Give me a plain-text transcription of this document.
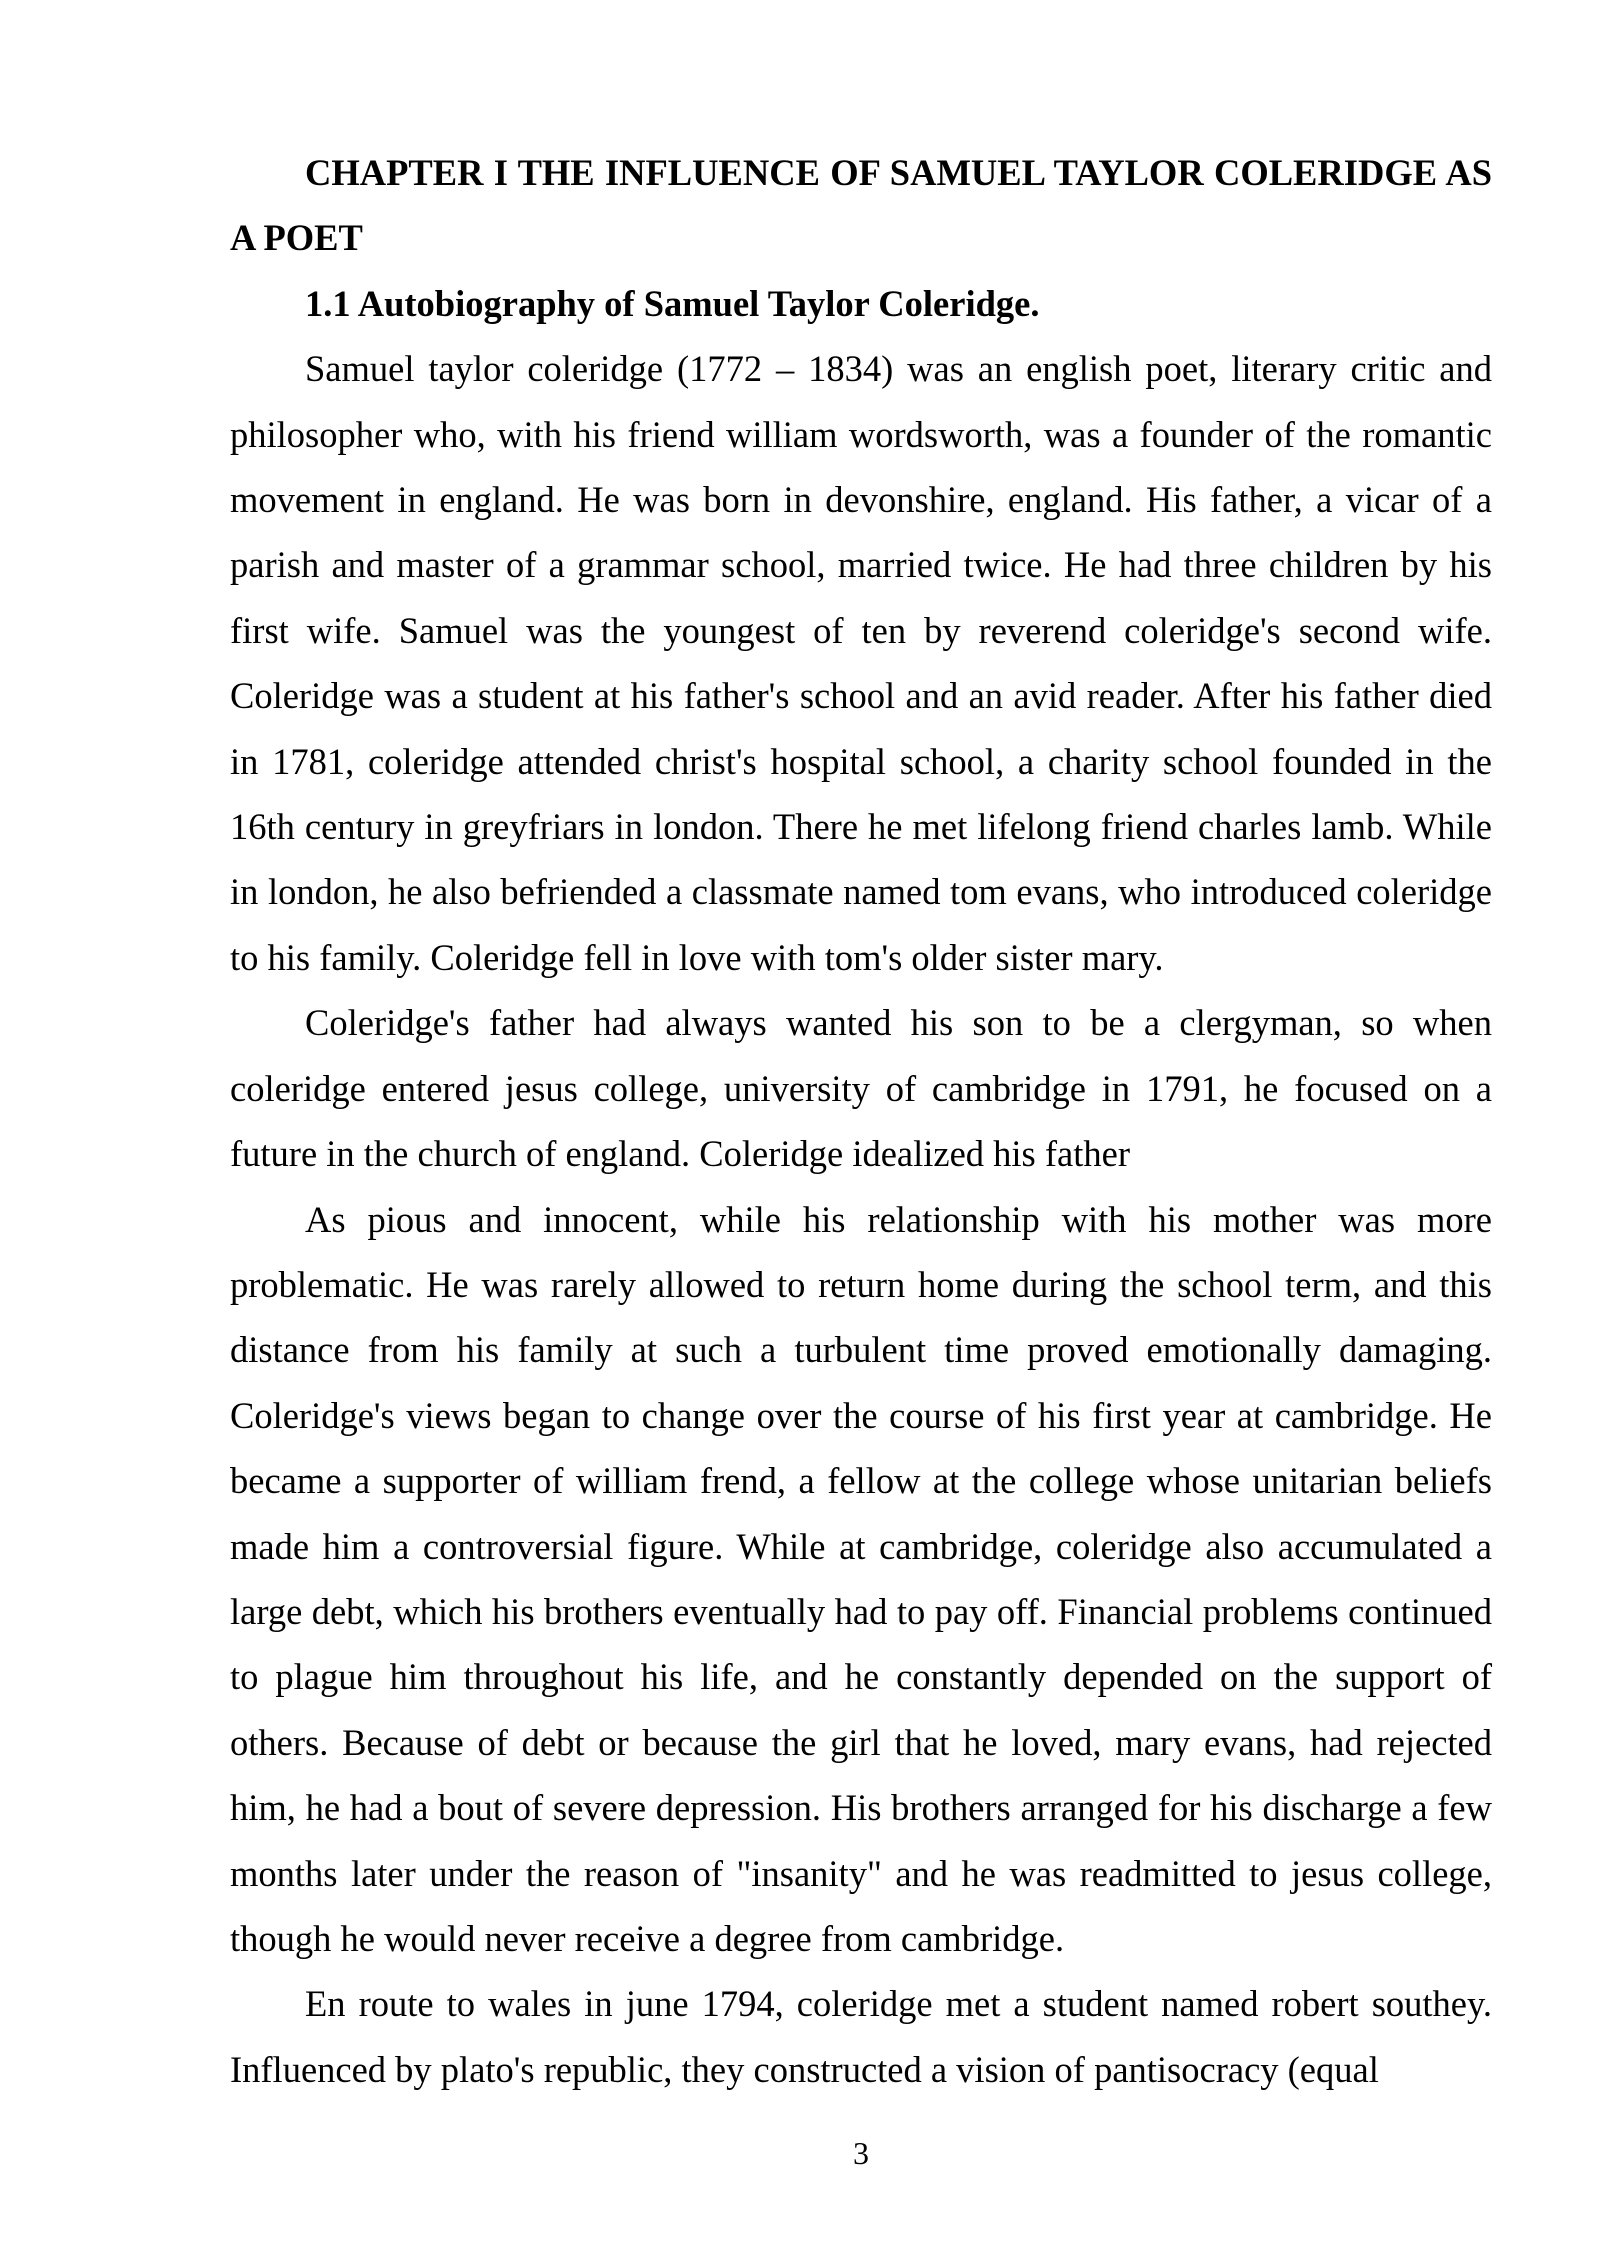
CHAPTER I THE INFLUENCE OF SAMUEL TAYLOR COLERIDGE AS A POET

1.1 Autobiography of Samuel Taylor Coleridge.

Samuel taylor coleridge (1772 – 1834) was an english poet, literary critic and philosopher who, with his friend william wordsworth, was a founder of the romantic movement in england. He was born in devonshire, england. His father, a vicar of a parish and master of a grammar school, married twice. He had three children by his first wife. Samuel was the youngest of ten by reverend coleridge's second wife. Coleridge was a student at his father's school and an avid reader. After his father died in 1781, coleridge attended christ's hospital school, a charity school founded in the 16th century in greyfriars in london. There he met lifelong friend charles lamb. While in london, he also befriended a classmate named tom evans, who introduced coleridge to his family. Coleridge fell in love with tom's older sister mary.

Coleridge's father had always wanted his son to be a clergyman, so when coleridge entered jesus college, university of cambridge in 1791, he focused on a future in the church of england. Coleridge idealized his father

As pious and innocent, while his relationship with his mother was more problematic. He was rarely allowed to return home during the school term, and this distance from his family at such a turbulent time proved emotionally damaging. Coleridge's views began to change over the course of his first year at cambridge. He became a supporter of william frend, a fellow at the college whose unitarian beliefs made him a controversial figure. While at cambridge, coleridge also accumulated a large debt, which his brothers eventually had to pay off. Financial problems continued to plague him throughout his life, and he constantly depended on the support of others. Because of debt or because the girl that he loved, mary evans, had rejected him, he had a bout of severe depression. His brothers arranged for his discharge a few months later under the reason of "insanity" and he was readmitted to jesus college, though he would never receive a degree from cambridge.

En route to wales in june 1794, coleridge met a student named robert southey. Influenced by plato's republic, they constructed a vision of pantisocracy (equal

3
